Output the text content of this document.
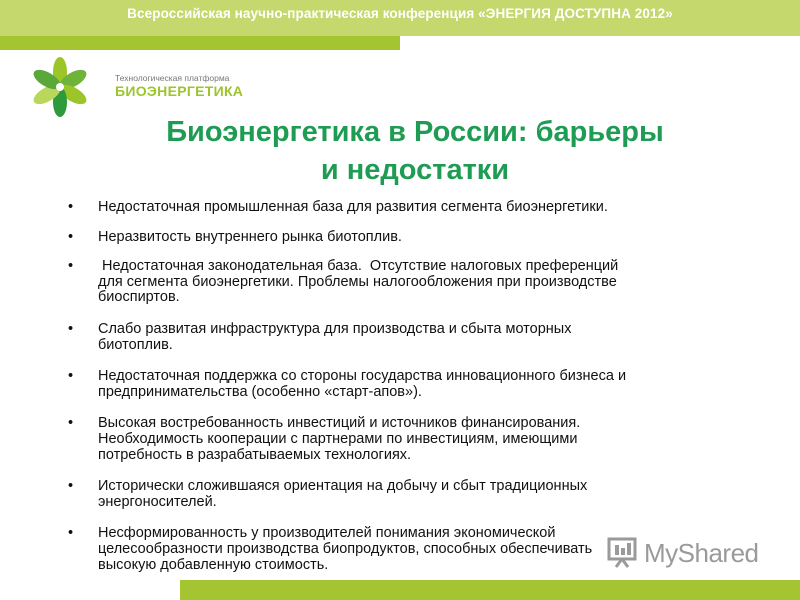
Всероссийская научно-практическая конференция «ЭНЕРГИЯ ДОСТУПНА 2012»
Технологическая платформа
БИОЭНЕРГЕТИКА
Биоэнергетика в России: барьеры
и недостатки
• Недостаточная промышленная база для развития сегмента биоэнергетики.
• Неразвитость внутреннего рынка биотоплив.
• Недостаточная законодательная база.  Отсутствие налоговых преференций
для сегмента биоэнергетики. Проблемы налогообложения при производстве
биоспиртов.
• Слабо развитая инфраструктура для производства и сбыта моторных
биотоплив.
• Недостаточная поддержка со стороны государства инновационного бизнеса и
предпринимательства (особенно «старт-апов»).
• Высокая востребованность инвестиций и источников финансирования.
Необходимость кооперации с партнерами по инвестициям, имеющими
потребность в разрабатываемых технологиях.
• Исторически сложившаяся ориентация на добычу и сбыт традиционных
энергоносителей.
• Несформированность у производителей понимания экономической
целесообразности производства биопродуктов, способных обеспечивать
высокую добавленную стоимость.	MyShared
